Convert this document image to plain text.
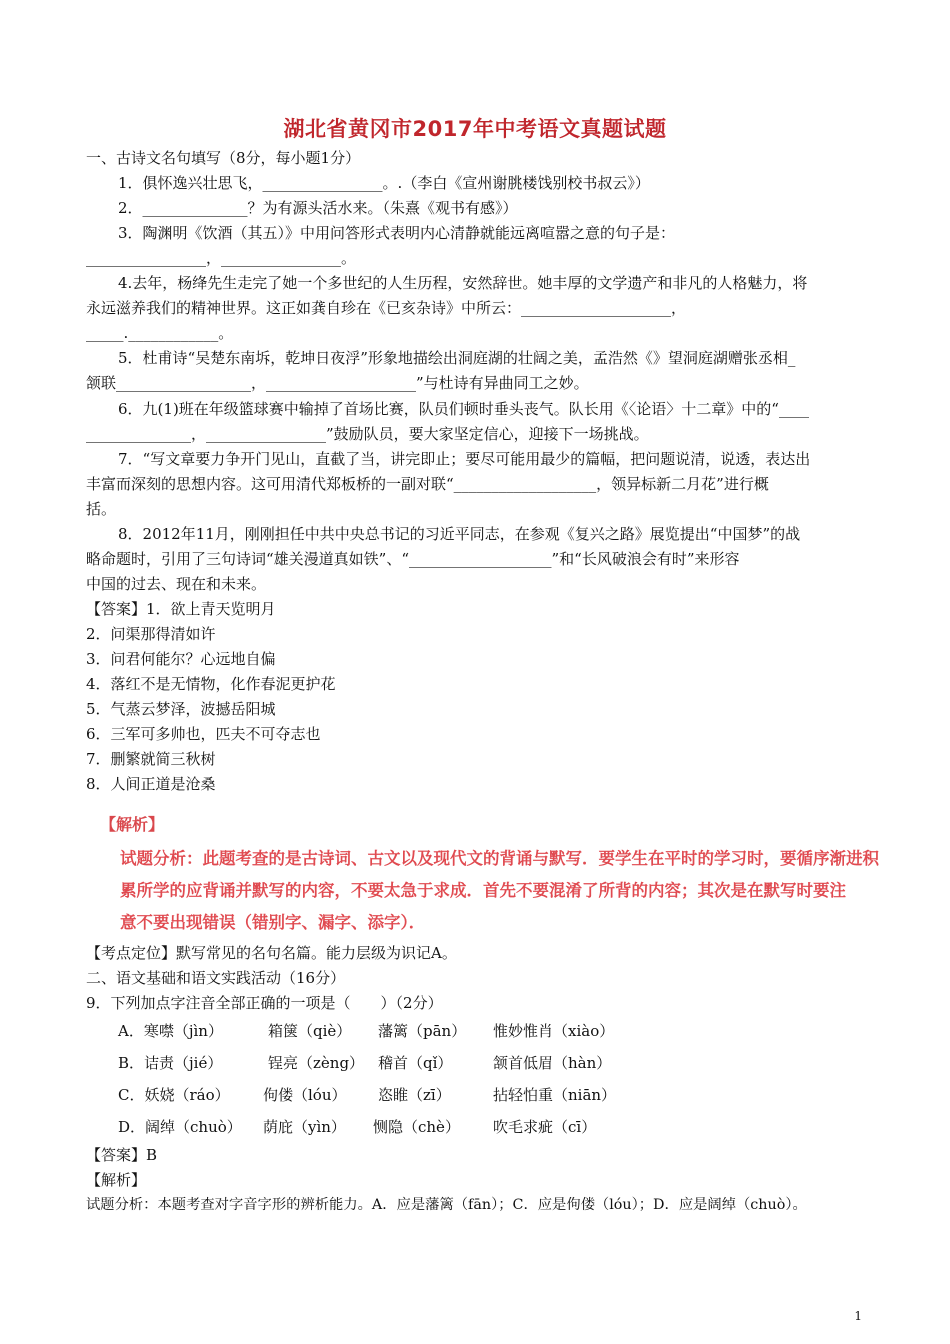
湖北省黄冈市2017年中考语文真题试题
一、古诗文名句填写（8分，每小题1分）
1．俱怀逸兴壮思飞，________________。.（李白《宣州谢朓楼饯别校书叔云》）
2．______________？为有源头活水来。（朱熹《观书有感》）
3．陶渊明《饮酒（其五）》中用问答形式表明内心清静就能远离喧嚣之意的句子是：
________________，________________。
4.去年，杨绛先生走完了她一个多世纪的人生历程，安然辞世。她丰厚的文学遗产和非凡的人格魅力，将
永远滋养我们的精神世界。这正如龚自珍在《已亥杂诗》中所云：____________________，
_____.____________。
5．杜甫诗“吴楚东南坼，乾坤日夜浮”形象地描绘出洞庭湖的壮阔之美，孟浩然《》望洞庭湖赠张丞相_
颔联__________________，____________________”与杜诗有异曲同工之妙。
6．九(1)班在年级篮球赛中输掉了首场比赛，队员们顿时垂头丧气。队长用《〈论语〉十二章》中的“____
______________，________________”鼓励队员，要大家坚定信心，迎接下一场挑战。
7．“写文章要力争开门见山，直截了当，讲完即止；要尽可能用最少的篇幅，把问题说清，说透，表达出
丰富而深刻的思想内容。这可用清代郑板桥的一副对联“___________________，领异标新二月花”进行概
括。
8．2012年11月，刚刚担任中共中央总书记的习近平同志，在参观《复兴之路》展览提出“中国梦”的战
略命题时，引用了三句诗词“雄关漫道真如铁”、“___________________”和“长风破浪会有时”来形容
中国的过去、现在和未来。
【答案】1．欲上青天览明月
2．问渠那得清如许
3．问君何能尔？心远地自偏
4．落红不是无情物，化作春泥更护花
5．气蒸云梦泽，波撼岳阳城
6．三军可多帅也，匹夫不可夺志也
7．删繁就简三秋树
8．人间正道是沧桑
【解析】
试题分析：此题考查的是古诗词、古文以及现代文的背诵与默写．要学生在平时的学习时，要循序渐进积
累所学的应背诵并默写的内容，不要太急于求成．首先不要混淆了所背的内容；其次是在默写时要注
意不要出现错误（错别字、漏字、添字）．
【考点定位】默写常见的名句名篇。能力层级为识记A。
二、语文基础和语文实践活动（16分）
9．下列加点字注音全部正确的一项是（　　）（2分）
A．寒噤（jìn）	箱箧（qiè） 藩篱（pān） 惟妙惟肖（xiào）
B．诘责（jié）	锃亮（zèng） 稽首（qǐ）	颔首低眉（hàn）
C．妖娆（ráo） 佝偻（lóu） 恣睢（zī）	拈轻怕重（niān）
D．阔绰（chuò） 荫庇（yìn） 恻隐（chè） 吹毛求疵（cī）
【答案】B
【解析】
试题分析：本题考查对字音字形的辨析能力。A．应是藩篱（fān）；C．应是佝偻（lóu）；D．应是阔绰（chuò）。
1
